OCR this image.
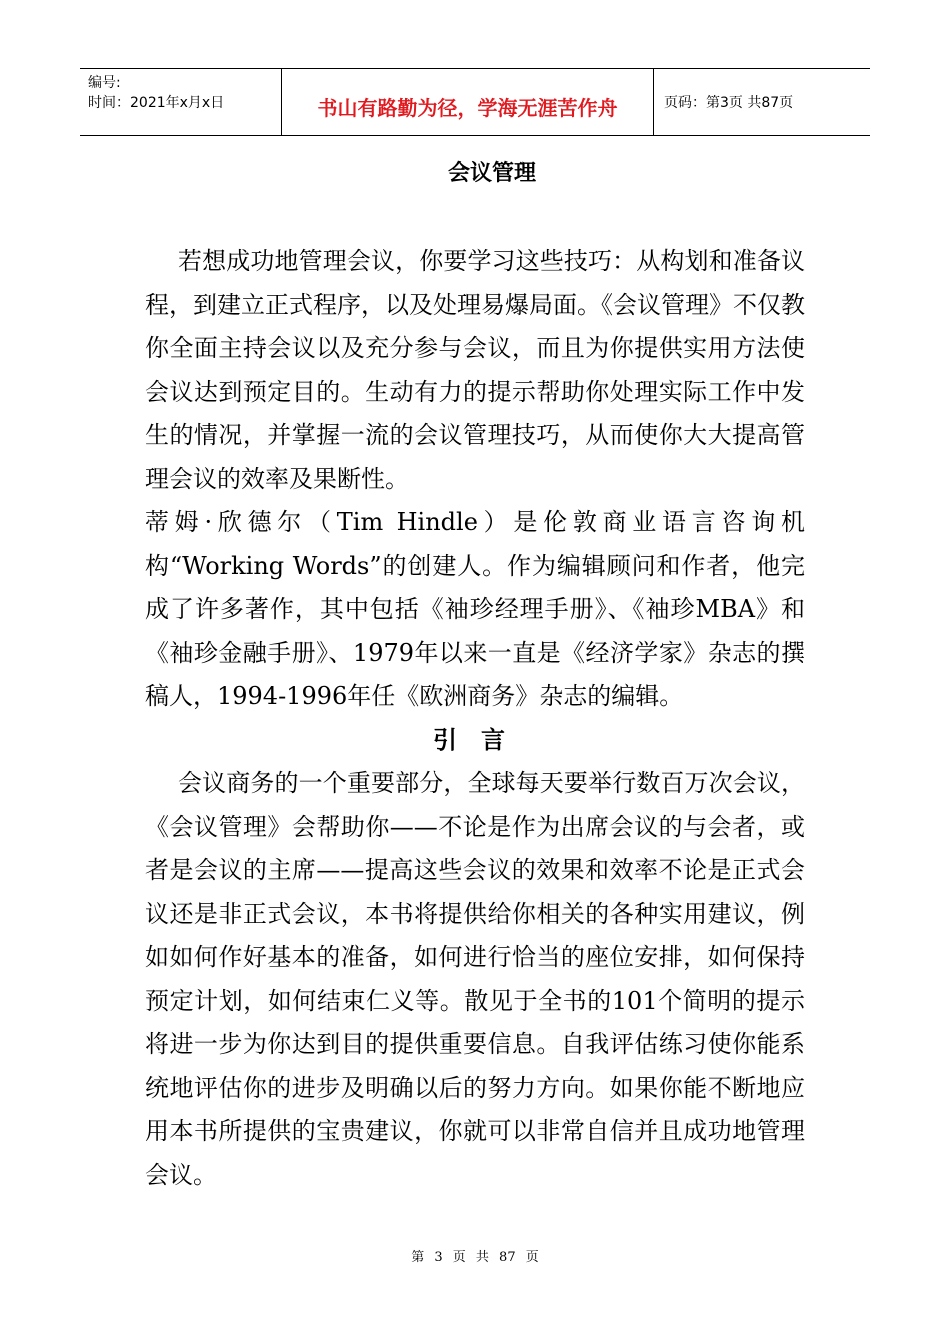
编号:
时间：2021年x月x日	书山有路勤为径，学海无涯苦作舟	页码：第3页 共87页
会议管理

若想成功地管理会议，你要学习这些技巧：从构划和准备议程，到建立正式程序，以及处理易爆局面。《会议管理》不仅教你全面主持会议以及充分参与会议，而且为你提供实用方法使会议达到预定目的。生动有力的提示帮助你处理实际工作中发生的情况，并掌握一流的会议管理技巧，从而使你大大提高管理会议的效率及果断性。

蒂姆·欣德尔（Tim Hindle）是伦敦商业语言咨询机构“Working Words”的创建人。作为编辑顾问和作者，他完成了许多著作，其中包括《袖珍经理手册》、《袖珍MBA》和《袖珍金融手册》、1979年以来一直是《经济学家》杂志的撰稿人，1994-1996年任《欧洲商务》杂志的编辑。

引言

会议商务的一个重要部分，全球每天要举行数百万次会议，《会议管理》会帮助你——不论是作为出席会议的与会者，或者是会议的主席——提高这些会议的效果和效率不论是正式会议还是非正式会议，本书将提供给你相关的各种实用建议，例如如何作好基本的准备，如何进行恰当的座位安排，如何保持预定计划，如何结束仁义等。散见于全书的101个简明的提示将进一步为你达到目的提供重要信息。自我评估练习使你能系统地评估你的进步及明确以后的努力方向。如果你能不断地应用本书所提供的宝贵建议，你就可以非常自信并且成功地管理会议。

第 3 页 共 87 页
